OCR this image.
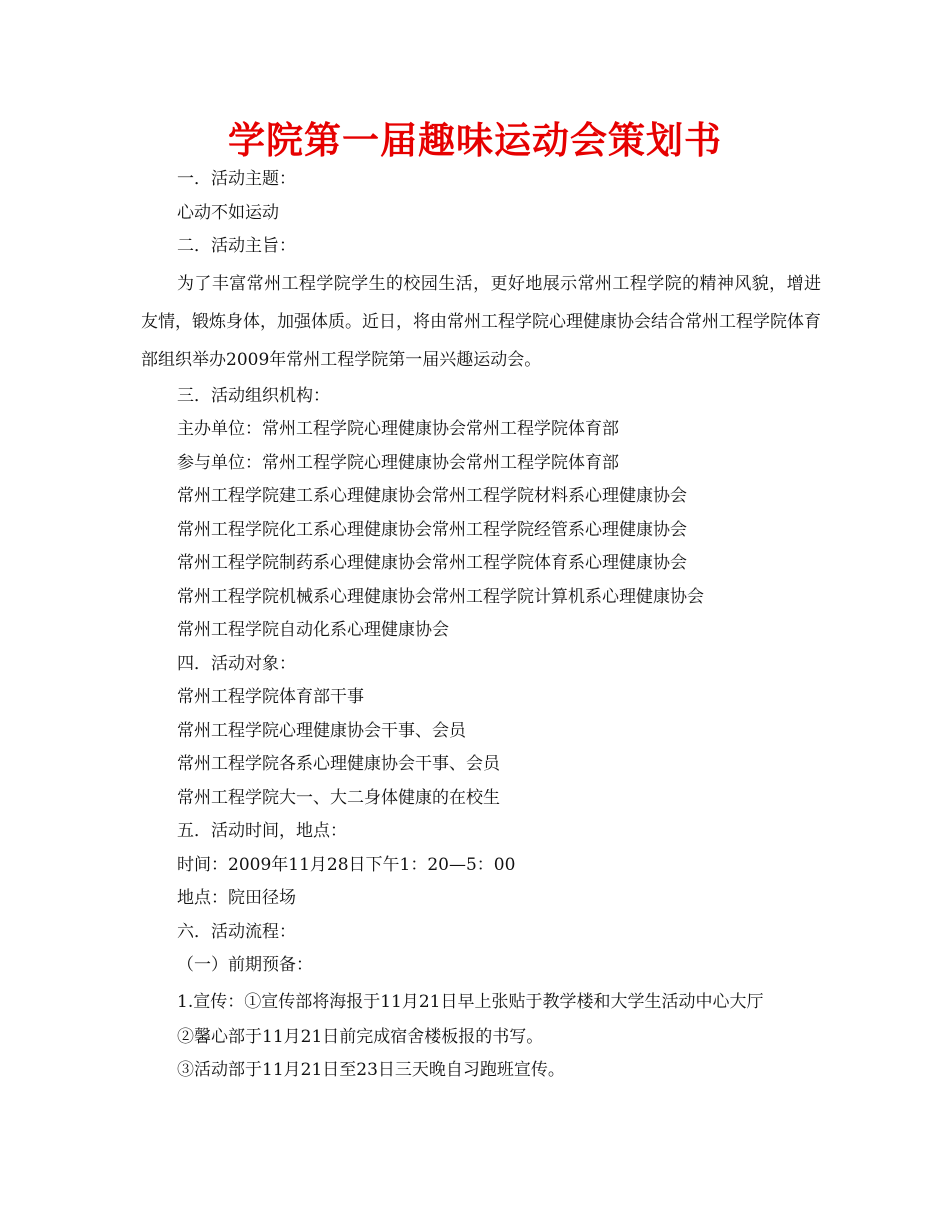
学院第一届趣味运动会策划书
一．活动主题：
心动不如运动
二．活动主旨：
为了丰富常州工程学院学生的校园生活，更好地展示常州工程学院的精神风貌，增进友情，锻炼身体，加强体质。近日，将由常州工程学院心理健康协会结合常州工程学院体育部组织举办2009年常州工程学院第一届兴趣运动会。
三．活动组织机构：
主办单位：常州工程学院心理健康协会常州工程学院体育部
参与单位：常州工程学院心理健康协会常州工程学院体育部
常州工程学院建工系心理健康协会常州工程学院材料系心理健康协会
常州工程学院化工系心理健康协会常州工程学院经管系心理健康协会
常州工程学院制药系心理健康协会常州工程学院体育系心理健康协会
常州工程学院机械系心理健康协会常州工程学院计算机系心理健康协会
常州工程学院自动化系心理健康协会
四．活动对象：
常州工程学院体育部干事
常州工程学院心理健康协会干事、会员
常州工程学院各系心理健康协会干事、会员
常州工程学院大一、大二身体健康的在校生
五．活动时间，地点：
时间：2009年11月28日下午1：20—5：00
地点：院田径场
六．活动流程：
（一）前期预备：
1.宣传：①宣传部将海报于11月21日早上张贴于教学楼和大学生活动中心大厅
②馨心部于11月21日前完成宿舍楼板报的书写。
③活动部于11月21日至23日三天晚自习跑班宣传。
